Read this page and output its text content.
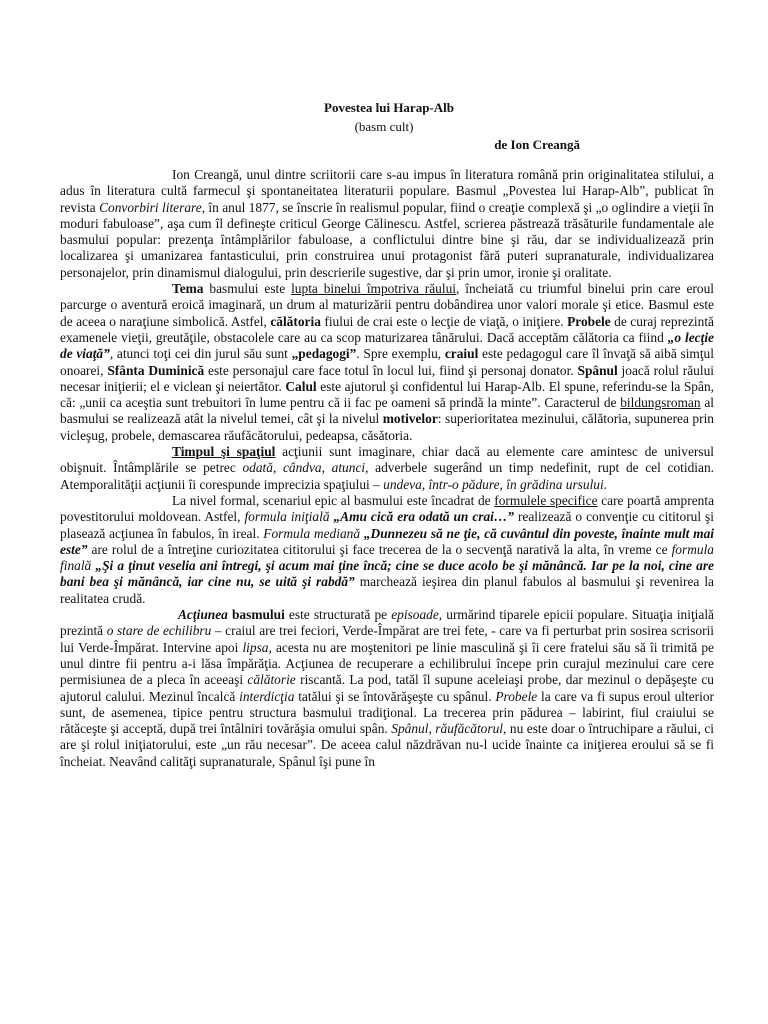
Povestea lui Harap-Alb

(basm cult)

de Ion Creangă

Ion Creangă, unul dintre scriitorii care s-au impus în literatura română prin originalitatea stilului, a adus în literatura cultă farmecul şi spontaneitatea literaturii populare. Basmul „Povestea lui Harap-Alb”, publicat în revista Convorbiri literare, în anul 1877, se înscrie în realismul popular, fiind o creaţie complexă şi „o oglindire a vieţii în moduri fabuloase”, aşa cum îl defineşte criticul George Călinescu. Astfel, scrierea păstrează trăsăturile fundamentale ale basmului popular: prezenţa întâmplărilor fabuloase, a conflictului dintre bine şi rău, dar se individualizează prin localizarea şi umanizarea fantasticului, prin construirea unui protagonist fără puteri supranaturale, individualizarea personajelor, prin dinamismul dialogului, prin descrierile sugestive, dar şi prin umor, ironie şi oralitate.

Tema basmului este lupta binelui împotriva răului, încheiată cu triumful binelui prin care eroul parcurge o aventură eroică imaginară, un drum al maturizării pentru dobândirea unor valori morale şi etice. Basmul este de aceea o naraţiune simbolică. Astfel, călătoria fiului de crai este o lecţie de viaţă, o iniţiere. Probele de curaj reprezintă examenele vieţii, greutăţile, obstacolele care au ca scop maturizarea tânărului. Dacă acceptăm călătoria ca fiind „o lecţie de viaţă”, atunci toţi cei din jurul său sunt „pedagogi”. Spre exemplu, craiul este pedagogul care îl învaţă să aibă simţul onoarei, Sfânta Duminică este personajul care face totul în locul lui, fiind şi personaj donator. Spânul joacă rolul răului necesar iniţierii; el e viclean şi neiertător. Calul este ajutorul şi confidentul lui Harap-Alb. El spune, referindu-se la Spân, că: „unii ca aceştia sunt trebuitori în lume pentru că ii fac pe oameni să prindă la minte”. Caracterul de bildungsroman al basmului se realizează atât la nivelul temei, cât şi la nivelul motivelor: superioritatea mezinului, călătoria, supunerea prin vicleşug, probele, demascarea răufăcătorului, pedeapsa, căsătoria.

Timpul şi spaţiul acţiunii sunt imaginare, chiar dacă au elemente care amintesc de universul obişnuit. Întâmplările se petrec odată, cândva, atunci, adverbele sugerând un timp nedefinit, rupt de cel cotidian. Atemporalităţii acţiunii îi corespunde imprecizia spaţiului – undeva, într-o pădure, în grădina ursului.

La nivel formal, scenariul epic al basmului este încadrat de formulele specifice care poartă amprenta povestitorului moldovean. Astfel, formula iniţială „Amu cică era odată un crai…” realizează o convenţie cu cititorul şi plasează acţiunea în fabulos, în ireal. Formula mediană „Dunnezeu să ne ţie, că cuvântul din poveste, înainte mult mai este” are rolul de a întreţine curiozitatea cititorului şi face trecerea de la o secvenţă narativă la alta, în vreme ce formula finală „Şi a ţinut veselia ani întregi, şi acum mai ţine încă; cine se duce acolo be şi mănâncă. Iar pe la noi, cine are bani bea şi mănâncă, iar cine nu, se uită şi rabdă” marchează ieşirea din planul fabulos al basmului şi revenirea la realitatea crudă.

Acţiunea basmului este structurată pe episoade, urmărind tiparele epicii populare. Situaţia iniţială prezintă o stare de echilibru – craiul are trei feciori, Verde-Împărat are trei fete, - care va fi perturbat prin sosirea scrisorii lui Verde-Împărat. Intervine apoi lipsa, acesta nu are moştenitori pe linie masculină şi îi cere fratelui său să îi trimită pe unul dintre fii pentru a-i lăsa împărăţia. Acţiunea de recuperare a echilibrului începe prin curajul mezinului care cere permisiunea de a pleca în aceeaşi călătorie riscantă. La pod, tatăl îl supune aceleiaşi probe, dar mezinul o depăşeşte cu ajutorul calului. Mezinul încalcă interdicţia tatălui şi se întovărăşeşte cu spânul. Probele la care va fi supus eroul ulterior sunt, de asemenea, tipice pentru structura basmului tradiţional. La trecerea prin pădurea – labirint, fiul craiului se rătăceşte şi acceptă, după trei întâlniri tovărăşia omului spân. Spânul, răufăcătorul, nu este doar o întruchipare a răului, ci are şi rolul iniţiatorului, este „un rău necesar”. De aceea calul năzdrăvan nu-l ucide înainte ca iniţierea eroului să se fi încheiat. Neavând calităţi supranaturale, Spânul îşi pune în
